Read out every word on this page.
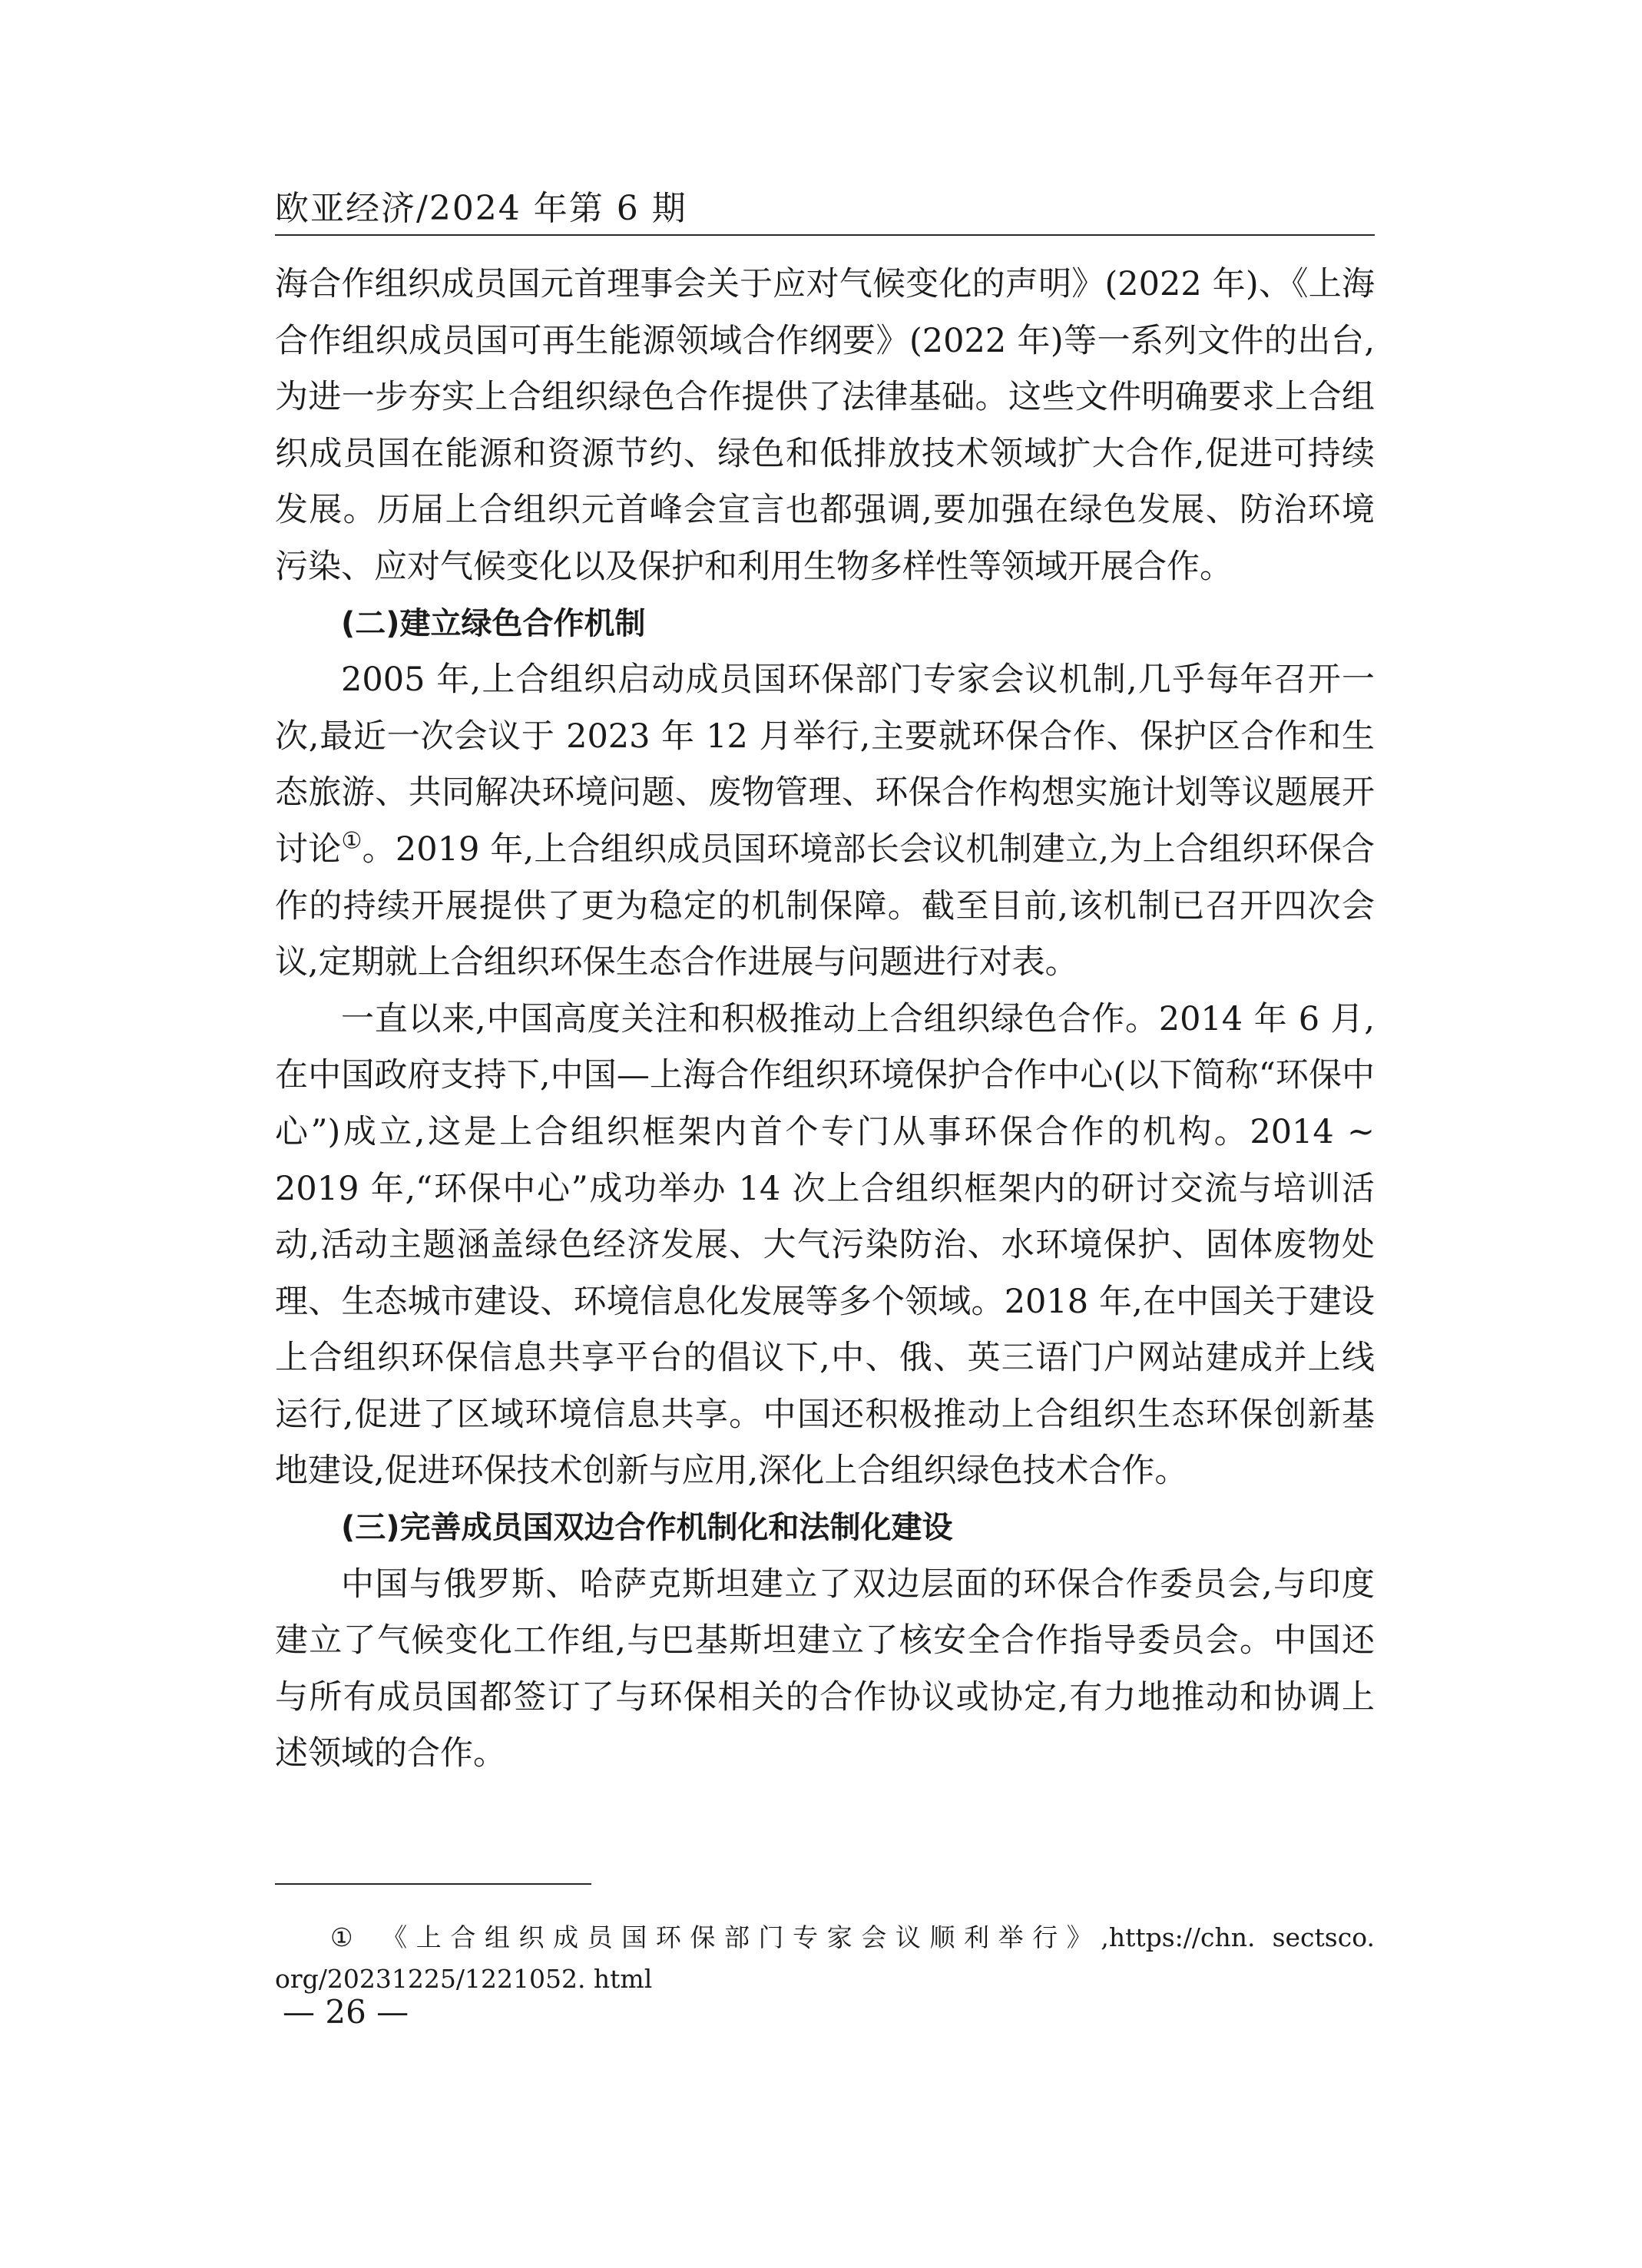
欧亚经济/2024 年第 6 期

海合作组织成员国元首理事会关于应对气候变化的声明》(2022 年)、《上海合作组织成员国可再生能源领域合作纲要》(2022 年)等一系列文件的出台,为进一步夯实上合组织绿色合作提供了法律基础。这些文件明确要求上合组织成员国在能源和资源节约、绿色和低排放技术领域扩大合作,促进可持续发展。历届上合组织元首峰会宣言也都强调,要加强在绿色发展、防治环境污染、应对气候变化以及保护和利用生物多样性等领域开展合作。

(二)建立绿色合作机制

2005 年,上合组织启动成员国环保部门专家会议机制,几乎每年召开一次,最近一次会议于 2023 年 12 月举行,主要就环保合作、保护区合作和生态旅游、共同解决环境问题、废物管理、环保合作构想实施计划等议题展开讨论①。2019 年,上合组织成员国环境部长会议机制建立,为上合组织环保合作的持续开展提供了更为稳定的机制保障。截至目前,该机制已召开四次会议,定期就上合组织环保生态合作进展与问题进行对表。

一直以来,中国高度关注和积极推动上合组织绿色合作。2014 年 6 月,在中国政府支持下,中国—上海合作组织环境保护合作中心(以下简称“环保中心”)成立,这是上合组织框架内首个专门从事环保合作的机构。2014 ~ 2019 年,“环保中心”成功举办 14 次上合组织框架内的研讨交流与培训活动,活动主题涵盖绿色经济发展、大气污染防治、水环境保护、固体废物处理、生态城市建设、环境信息化发展等多个领域。2018 年,在中国关于建设上合组织环保信息共享平台的倡议下,中、俄、英三语门户网站建成并上线运行,促进了区域环境信息共享。中国还积极推动上合组织生态环保创新基地建设,促进环保技术创新与应用,深化上合组织绿色技术合作。

(三)完善成员国双边合作机制化和法制化建设

中国与俄罗斯、哈萨克斯坦建立了双边层面的环保合作委员会,与印度建立了气候变化工作组,与巴基斯坦建立了核安全合作指导委员会。中国还与所有成员国都签订了与环保相关的合作协议或协定,有力地推动和协调上述领域的合作。

① 《上合组织成员国环保部门专家会议顺利举行》,https://chn. sectsco. org/20231225/1221052. html
— 26 —
